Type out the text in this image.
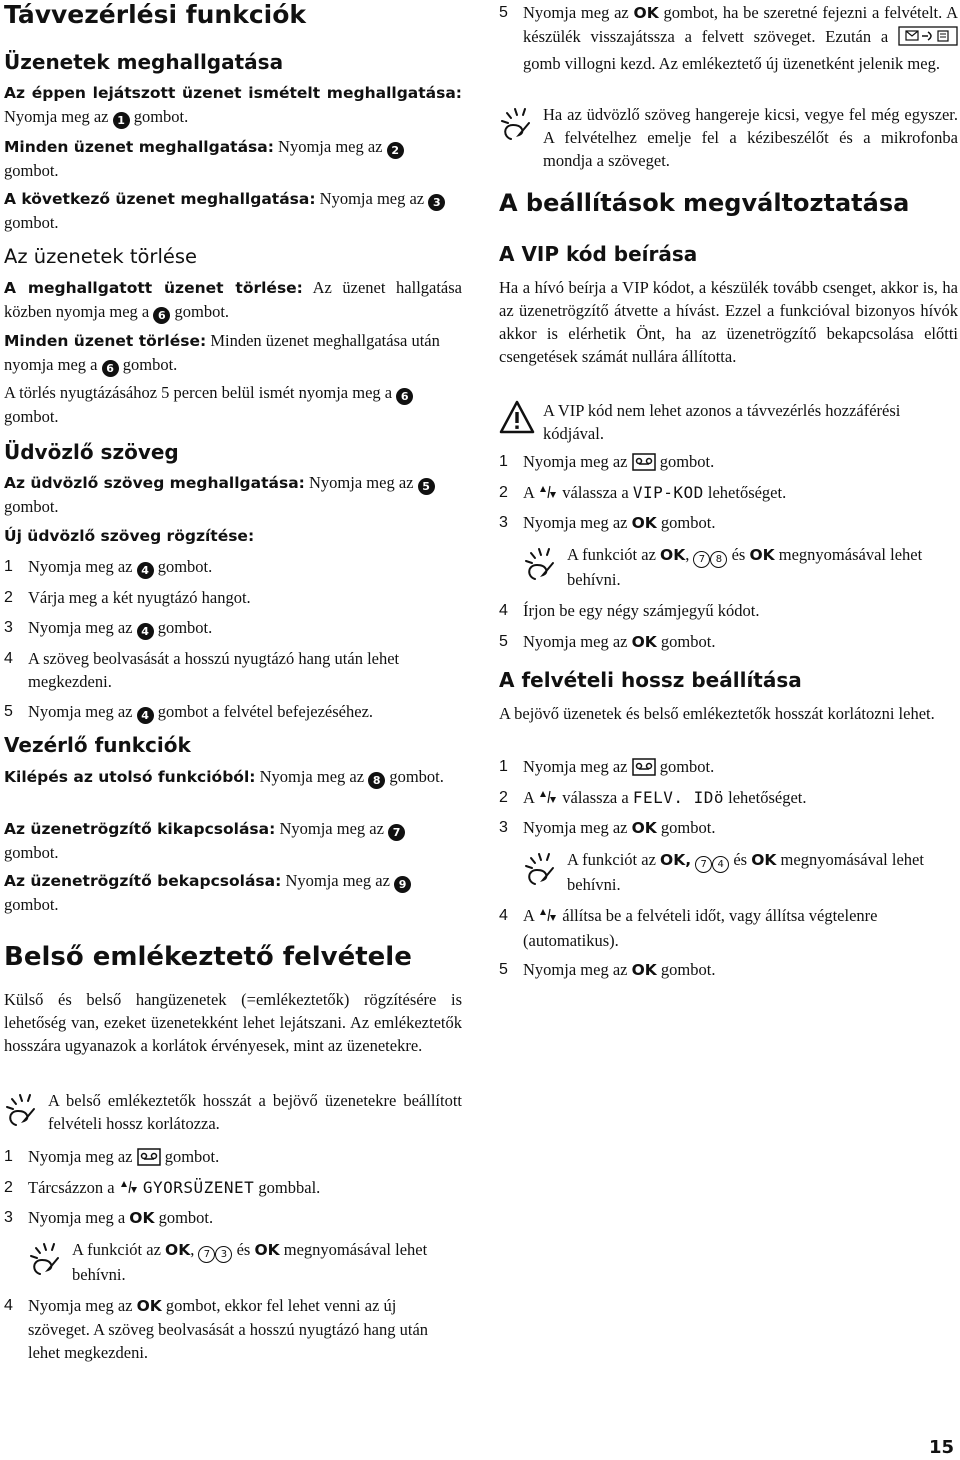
Távvezérlési funkciók
Üzenetek meghallgatása

Az éppen lejátszott üzenet ismételt meghallgatása: Nyomja meg az 1 gombot.

Minden üzenet meghallgatása: Nyomja meg az 2 gombot.

A következő üzenet meghallgatása: Nyomja meg az 3 gombot.

Az üzenetek törlése

A meghallgatott üzenet törlése: Az üzenet hallgatása közben nyomja meg a 6 gombot.

Minden üzenet törlése: Minden üzenet meghallgatása után nyomja meg a 6 gombot.

A törlés nyugtázásához 5 percen belül ismét nyomja meg a 6 gombot.

Üdvözlő szöveg

Az üdvözlő szöveg meghallgatása: Nyomja meg az 5 gombot.

Új üdvözlő szöveg rögzítése:

1 Nyomja meg az 4 gombot.
2 Várja meg a két nyugtázó hangot.
3 Nyomja meg az 4 gombot.
4 A szöveg beolvasását a hosszú nyugtázó hang után lehet megkezdeni.
5 Nyomja meg az 4 gombot a felvétel befejezéséhez.
Vezérlő funkciók

Kilépés az utolsó funkcióból: Nyomja meg az 8 gombot.

Az üzenetrögzítő kikapcsolása: Nyomja meg az 7 gombot.

Az üzenetrögzítő bekapcsolása: Nyomja meg az 9 gombot.

Belső emlékeztető felvétele

Külső és belső hangüzenetek (=emlékeztetők) rögzítésére is lehetőség van, ezeket üzenetekként lehet lejátszani. Az emlékeztetők hosszára ugyanazok a korlátok érvényesek, mint az üzenetekre.

A belső emlékeztetők hosszát a bejövő üzenetekre beállított felvételi hossz korlátozza.

1 Nyomja meg az gombot.
2 Tárcsázzon a GYORSÜZENET gombbal.
3 Nyomja meg a OK gombot.

A funkciót az OK, 7 3 és OK megnyomásával lehet behívni.

4 Nyomja meg az OK gombot, ekkor fel lehet venni az új szöveget. A szöveg beolvasását a hosszú nyugtázó hang után lehet megkezdeni.
5 Nyomja meg az OK gombot, ha be szeretné fejezni a felvételt. A készülék visszajátssza a felvett szöveget. Ezután a  gomb villogni kezd. Az emlékeztető új üzenetként jelenik meg.

Ha az üdvözlő szöveg hangereje kicsi, vegye fel még egyszer. A felvételhez emelje fel a kézibeszélőt és a mikrofonba mondja a szöveget.

A beállítások megváltoztatása
A VIP kód beírása

Ha a hívó beírja a VIP kódot, a készülék tovább csenget, akkor is, ha az üzenetrögzítő átvette a hívást. Ezzel a funkcióval bizonyos hívók akkor is elérhetik Önt, ha az üzenetrögzítő bekapcsolása előtti csengetések számát nullára állította.

A VIP kód nem lehet azonos a távvezérlés hozzáférési kódjával.

1 Nyomja meg az gombot.
2 A válassza a VIP-KOD lehetőséget.
3 Nyomja meg az OK gombot.

A funkciót az OK, 7 8 és OK megnyomásával lehet behívni.

4 Írjon be egy négy számjegyű kódot.
5 Nyomja meg az OK gombot.
A felvételi hossz beállítása

A bejövő üzenetek és belső emlékeztetők hosszát korlátozni lehet.

1 Nyomja meg az gombot.
2 A válassza a FELV. IDö lehetőséget.
3 Nyomja meg az OK gombot.

A funkciót az OK, 7 4 és OK megnyomásával lehet behívni.

4 A állítsa be a felvételi időt, vagy állítsa végtelenre (automatikus).
5 Nyomja meg az OK gombot.
15
